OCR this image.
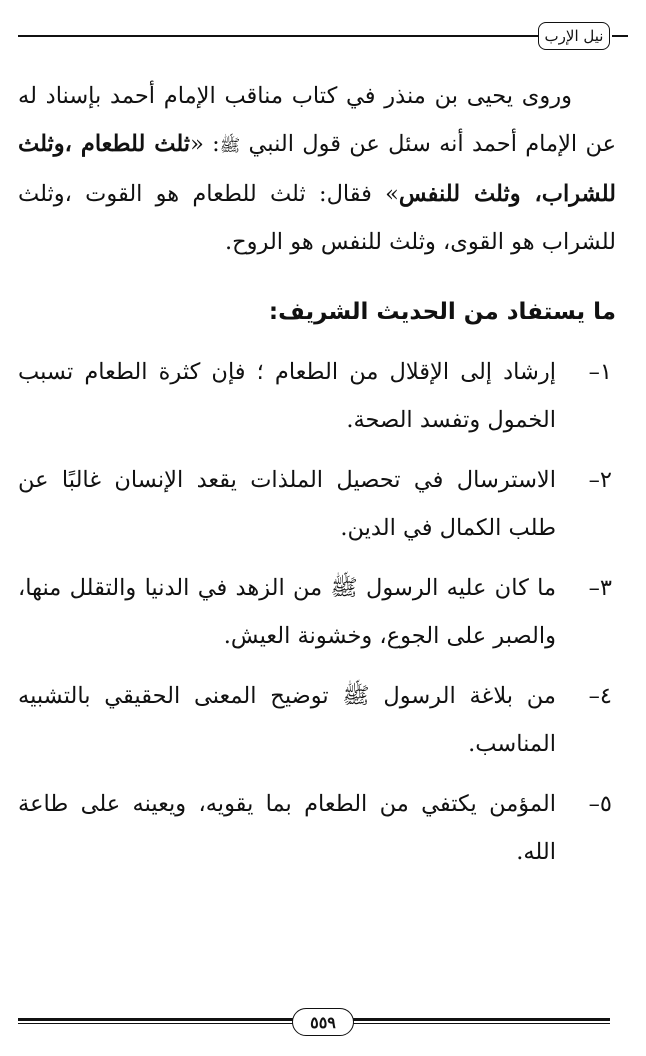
نيل الإرب

وروى يحيى بن منذر في كتاب مناقب الإمام أحمد بإسناد له عن الإمام أحمد أنه سئل عن قول النبي ﷺ: «ثلث للطعام ،وثلث للشراب، وثلث للنفس» فقال: ثلث للطعام هو القوت ،وثلث للشراب هو القوى، وثلث للنفس هو الروح.

ما يستفاد من الحديث الشريف:
١–
إرشاد إلى الإقلال من الطعام ؛ فإن كثرة الطعام تسبب الخمول وتفسد الصحة.
٢–
الاسترسال في تحصيل الملذات يقعد الإنسان غالبًا عن طلب الكمال في الدين.
٣–
ما كان عليه الرسول ﷺ من الزهد في الدنيا والتقلل منها، والصبر على الجوع، وخشونة العيش.
٤–
من بلاغة الرسول ﷺ توضيح المعنى الحقيقي بالتشبيه المناسب.
٥–
المؤمن يكتفي من الطعام بما يقويه، ويعينه على طاعة الله.
٥٥٩
